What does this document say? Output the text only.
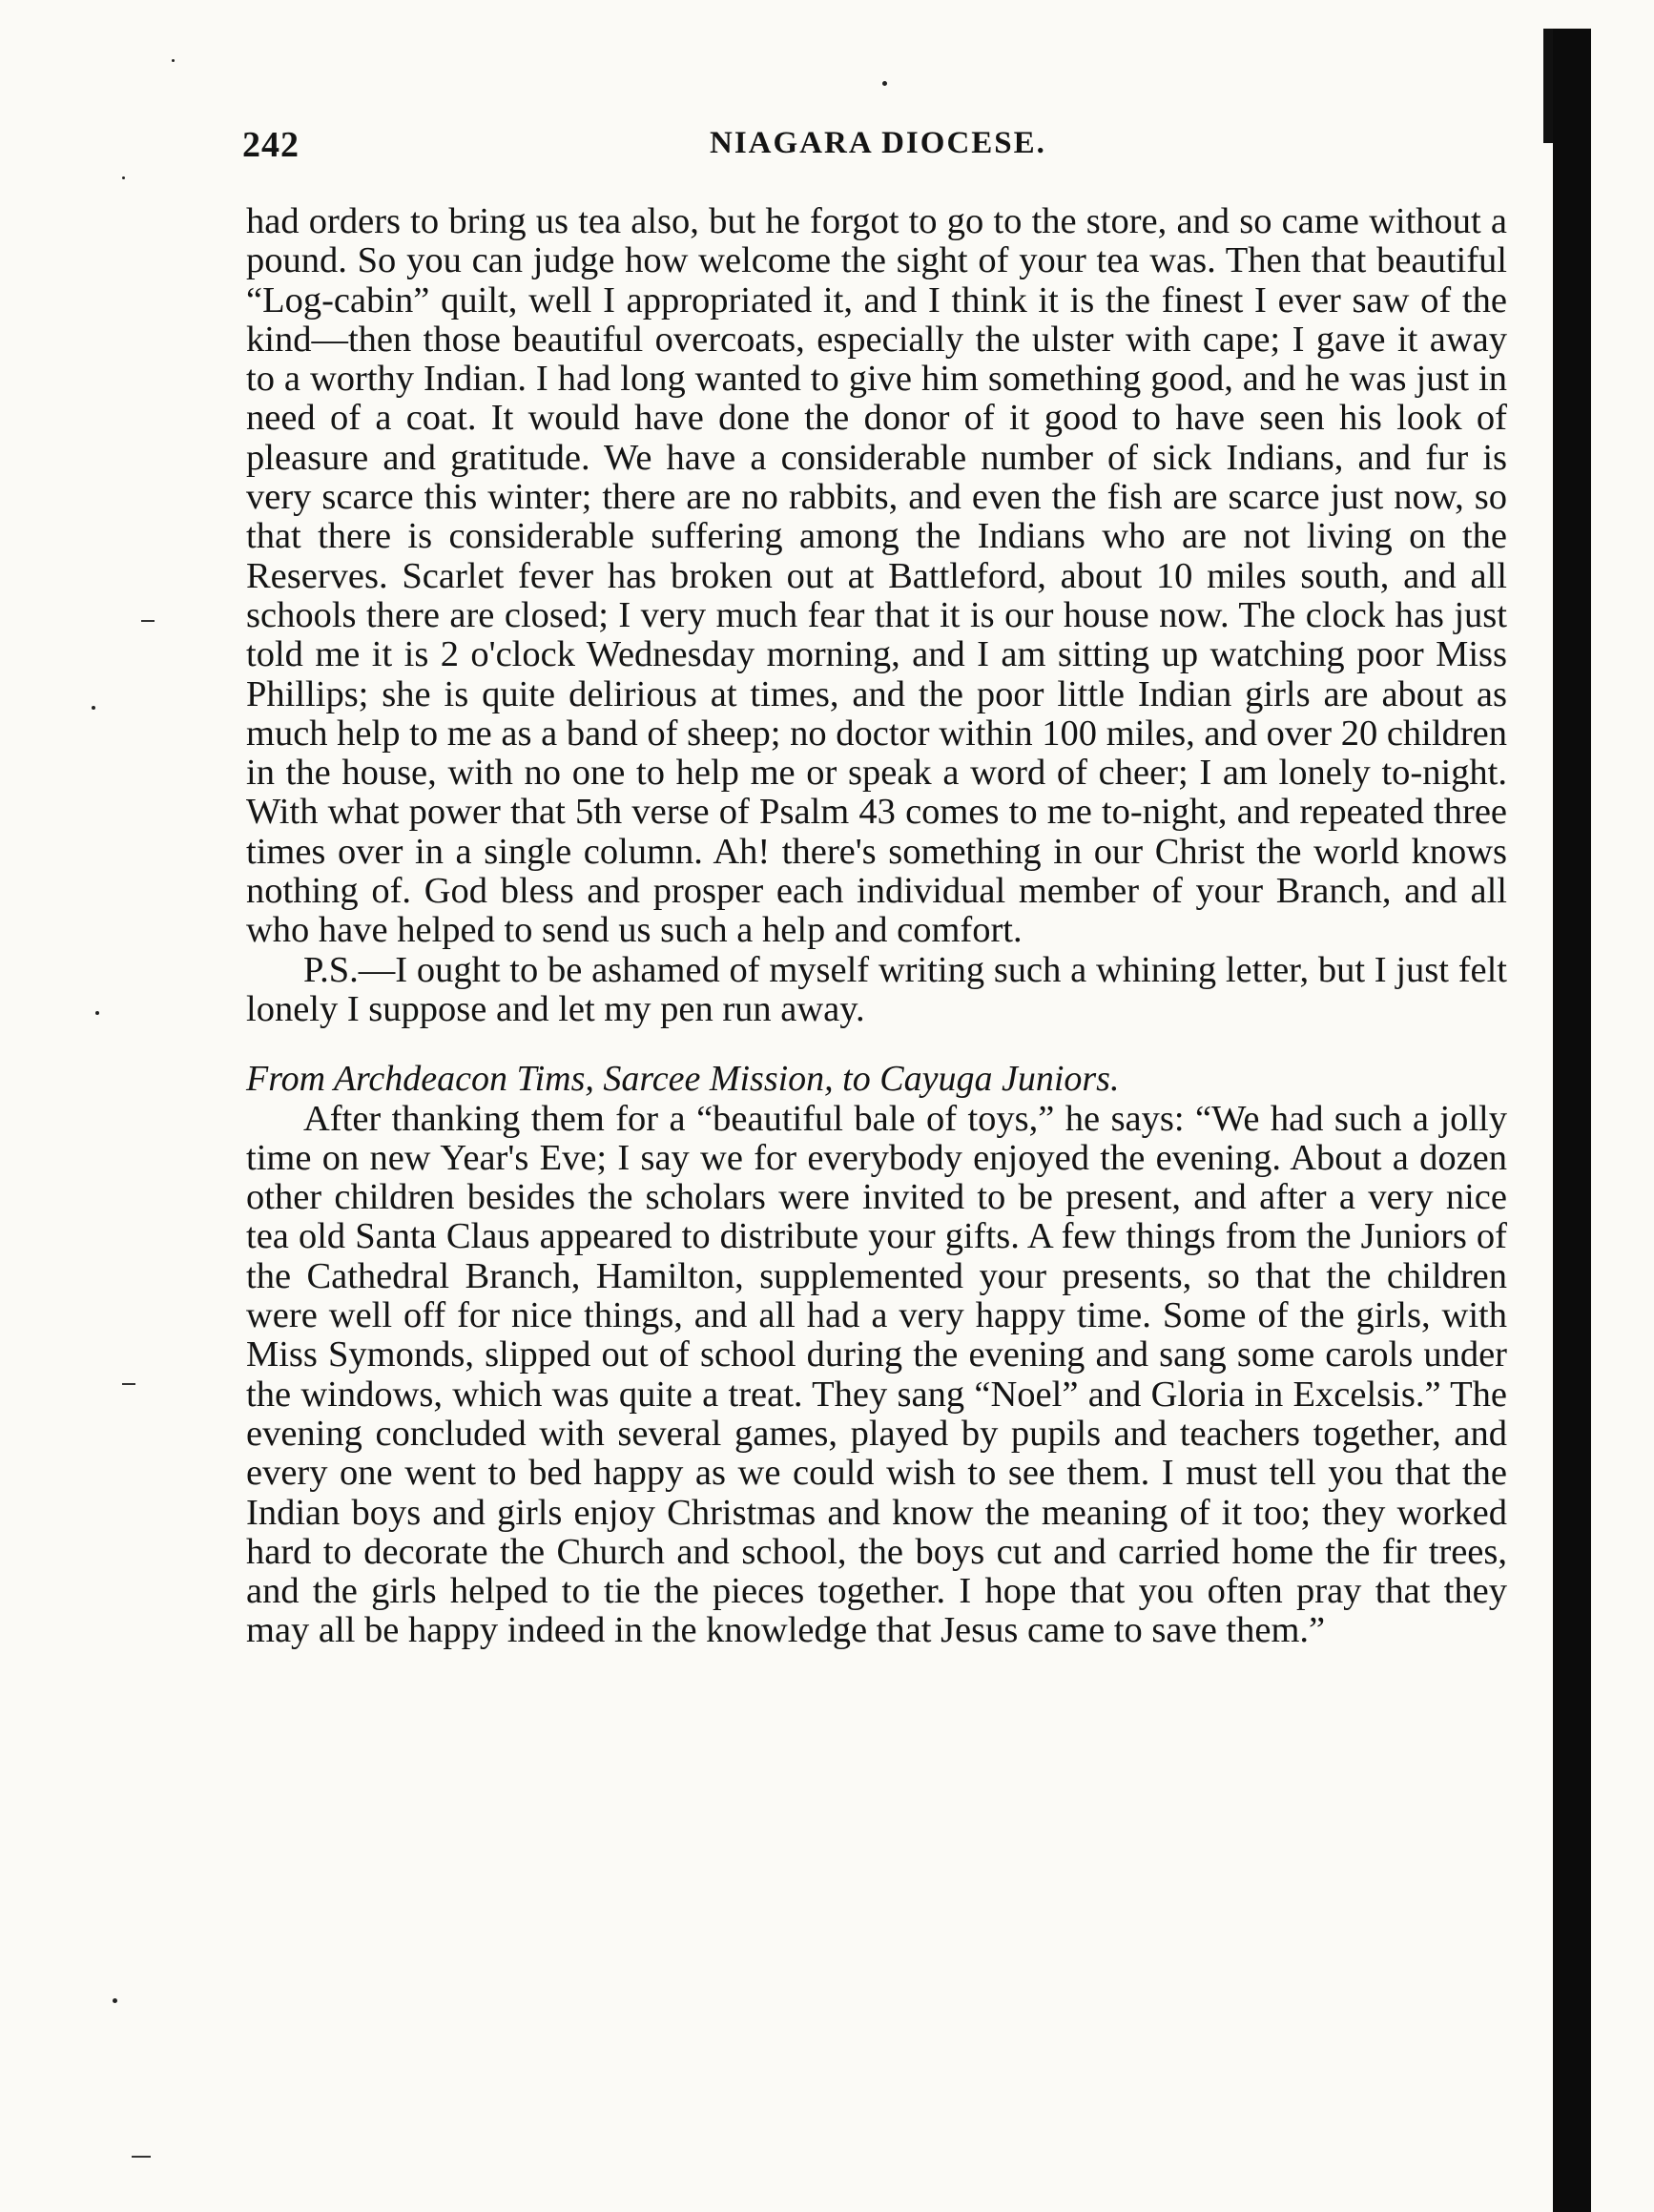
242	NIAGARA DIOCESE.

had orders to bring us tea also, but he forgot to go to the store, and so came without a pound. So you can judge how welcome the sight of your tea was. Then that beautiful “Log-cabin” quilt, well I appropriated it, and I think it is the finest I ever saw of the kind—then those beautiful overcoats, especially the ulster with cape; I gave it away to a worthy Indian. I had long wanted to give him something good, and he was just in need of a coat. It would have done the donor of it good to have seen his look of pleasure and gratitude. We have a considerable number of sick Indians, and fur is very scarce this winter; there are no rabbits, and even the fish are scarce just now, so that there is considerable suffering among the Indians who are not living on the Reserves. Scarlet fever has broken out at Battleford, about 10 miles south, and all schools there are closed; I very much fear that it is our house now. The clock has just told me it is 2 o'clock Wednesday morning, and I am sitting up watching poor Miss Phillips; she is quite delirious at times, and the poor little Indian girls are about as much help to me as a band of sheep; no doctor within 100 miles, and over 20 children in the house, with no one to help me or speak a word of cheer; I am lonely to-night. With what power that 5th verse of Psalm 43 comes to me to-night, and repeated three times over in a single column. Ah! there's something in our Christ the world knows nothing of. God bless and prosper each individual member of your Branch, and all who have helped to send us such a help and comfort.

P.S.—I ought to be ashamed of myself writing such a whining letter, but I just felt lonely I suppose and let my pen run away.

From Archdeacon Tims, Sarcee Mission, to Cayuga Juniors.

After thanking them for a “beautiful bale of toys,” he says: “We had such a jolly time on new Year's Eve; I say we for everybody enjoyed the evening. About a dozen other children besides the scholars were invited to be present, and after a very nice tea old Santa Claus appeared to distribute your gifts. A few things from the Juniors of the Cathedral Branch, Hamilton, supplemented your presents, so that the children were well off for nice things, and all had a very happy time. Some of the girls, with Miss Symonds, slipped out of school during the evening and sang some carols under the windows, which was quite a treat. They sang “Noel” and Gloria in Excelsis.” The evening concluded with several games, played by pupils and teachers together, and every one went to bed happy as we could wish to see them. I must tell you that the Indian boys and girls enjoy Christmas and know the meaning of it too; they worked hard to decorate the Church and school, the boys cut and carried home the fir trees, and the girls helped to tie the pieces together. I hope that you often pray that they may all be happy indeed in the knowledge that Jesus came to save them.”
